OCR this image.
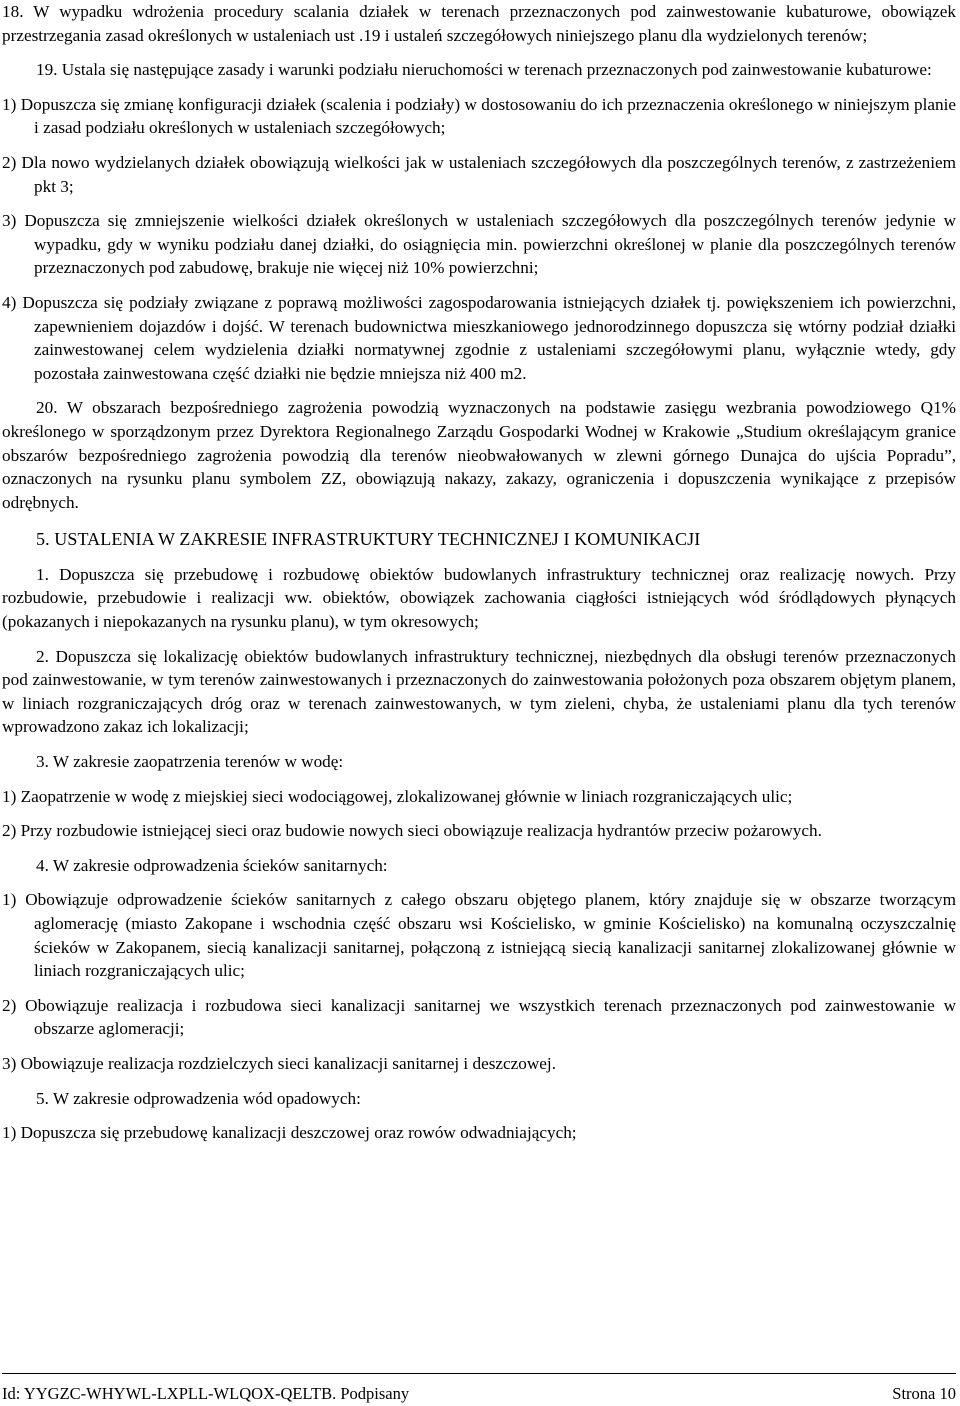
18. W wypadku wdrożenia procedury scalania działek w terenach przeznaczonych pod zainwestowanie kubaturowe, obowiązek przestrzegania zasad określonych w ustaleniach ust .19 i ustaleń szczegółowych niniejszego planu dla wydzielonych terenów;

19. Ustala się następujące zasady i warunki podziału nieruchomości w terenach przeznaczonych pod zainwestowanie kubaturowe:

1) Dopuszcza się zmianę konfiguracji działek (scalenia i podziały) w dostosowaniu do ich przeznaczenia określonego w niniejszym planie i zasad podziału określonych w ustaleniach szczegółowych;

2) Dla nowo wydzielanych działek obowiązują wielkości jak w ustaleniach szczegółowych dla poszczególnych terenów, z zastrzeżeniem pkt 3;

3) Dopuszcza się zmniejszenie wielkości działek określonych w ustaleniach szczegółowych dla poszczególnych terenów jedynie w wypadku, gdy w wyniku podziału danej działki, do osiągnięcia min. powierzchni określonej w planie dla poszczególnych terenów przeznaczonych pod zabudowę, brakuje nie więcej niż 10% powierzchni;

4) Dopuszcza się podziały związane z poprawą możliwości zagospodarowania istniejących działek tj. powiększeniem ich powierzchni, zapewnieniem dojazdów i dojść. W terenach budownictwa mieszkaniowego jednorodzinnego dopuszcza się wtórny podział działki zainwestowanej celem wydzielenia działki normatywnej zgodnie z ustaleniami szczegółowymi planu, wyłącznie wtedy, gdy pozostała zainwestowana część działki nie będzie mniejsza niż 400 m2.

20. W obszarach bezpośredniego zagrożenia powodzią wyznaczonych na podstawie zasięgu wezbrania powodziowego Q1% określonego w sporządzonym przez Dyrektora Regionalnego Zarządu Gospodarki Wodnej w Krakowie „Studium określającym granice obszarów bezpośredniego zagrożenia powodzią dla terenów nieobwałowanych w zlewni górnego Dunajca do ujścia Popradu”, oznaczonych na rysunku planu symbolem ZZ, obowiązują nakazy, zakazy, ograniczenia i dopuszczenia wynikające z przepisów odrębnych.

5. USTALENIA W ZAKRESIE INFRASTRUKTURY TECHNICZNEJ I KOMUNIKACJI

1. Dopuszcza się przebudowę i rozbudowę obiektów budowlanych infrastruktury technicznej oraz realizację nowych. Przy rozbudowie, przebudowie i realizacji ww. obiektów, obowiązek zachowania ciągłości istniejących wód śródlądowych płynących (pokazanych i niepokazanych na rysunku planu), w tym okresowych;

2. Dopuszcza się lokalizację obiektów budowlanych infrastruktury technicznej, niezbędnych dla obsługi terenów przeznaczonych pod zainwestowanie, w tym terenów zainwestowanych i przeznaczonych do zainwestowania położonych poza obszarem objętym planem, w liniach rozgraniczających dróg oraz w terenach zainwestowanych, w tym zieleni, chyba, że ustaleniami planu dla tych terenów wprowadzono zakaz ich lokalizacji;

3. W zakresie zaopatrzenia terenów w wodę:

1) Zaopatrzenie w wodę z miejskiej sieci wodociągowej, zlokalizowanej głównie w liniach rozgraniczających ulic;

2) Przy rozbudowie istniejącej sieci oraz budowie nowych sieci obowiązuje realizacja hydrantów przeciw pożarowych.

4. W zakresie odprowadzenia ścieków sanitarnych:

1) Obowiązuje odprowadzenie ścieków sanitarnych z całego obszaru objętego planem, który znajduje się w obszarze tworzącym aglomerację (miasto Zakopane i wschodnia część obszaru wsi Kościelisko, w gminie Kościelisko) na komunalną oczyszczalnię ścieków w Zakopanem, siecią kanalizacji sanitarnej, połączoną z istniejącą siecią kanalizacji sanitarnej zlokalizowanej głównie w liniach rozgraniczających ulic;

2) Obowiązuje realizacja i rozbudowa sieci kanalizacji sanitarnej we wszystkich terenach przeznaczonych pod zainwestowanie w obszarze aglomeracji;

3) Obowiązuje realizacja rozdzielczych sieci kanalizacji sanitarnej i deszczowej.

5. W zakresie odprowadzenia wód opadowych:

1) Dopuszcza się przebudowę kanalizacji deszczowej oraz rowów odwadniających;

Id: YYGZC-WHYWL-LXPLL-WLQOX-QELTB. Podpisany	Strona 10
